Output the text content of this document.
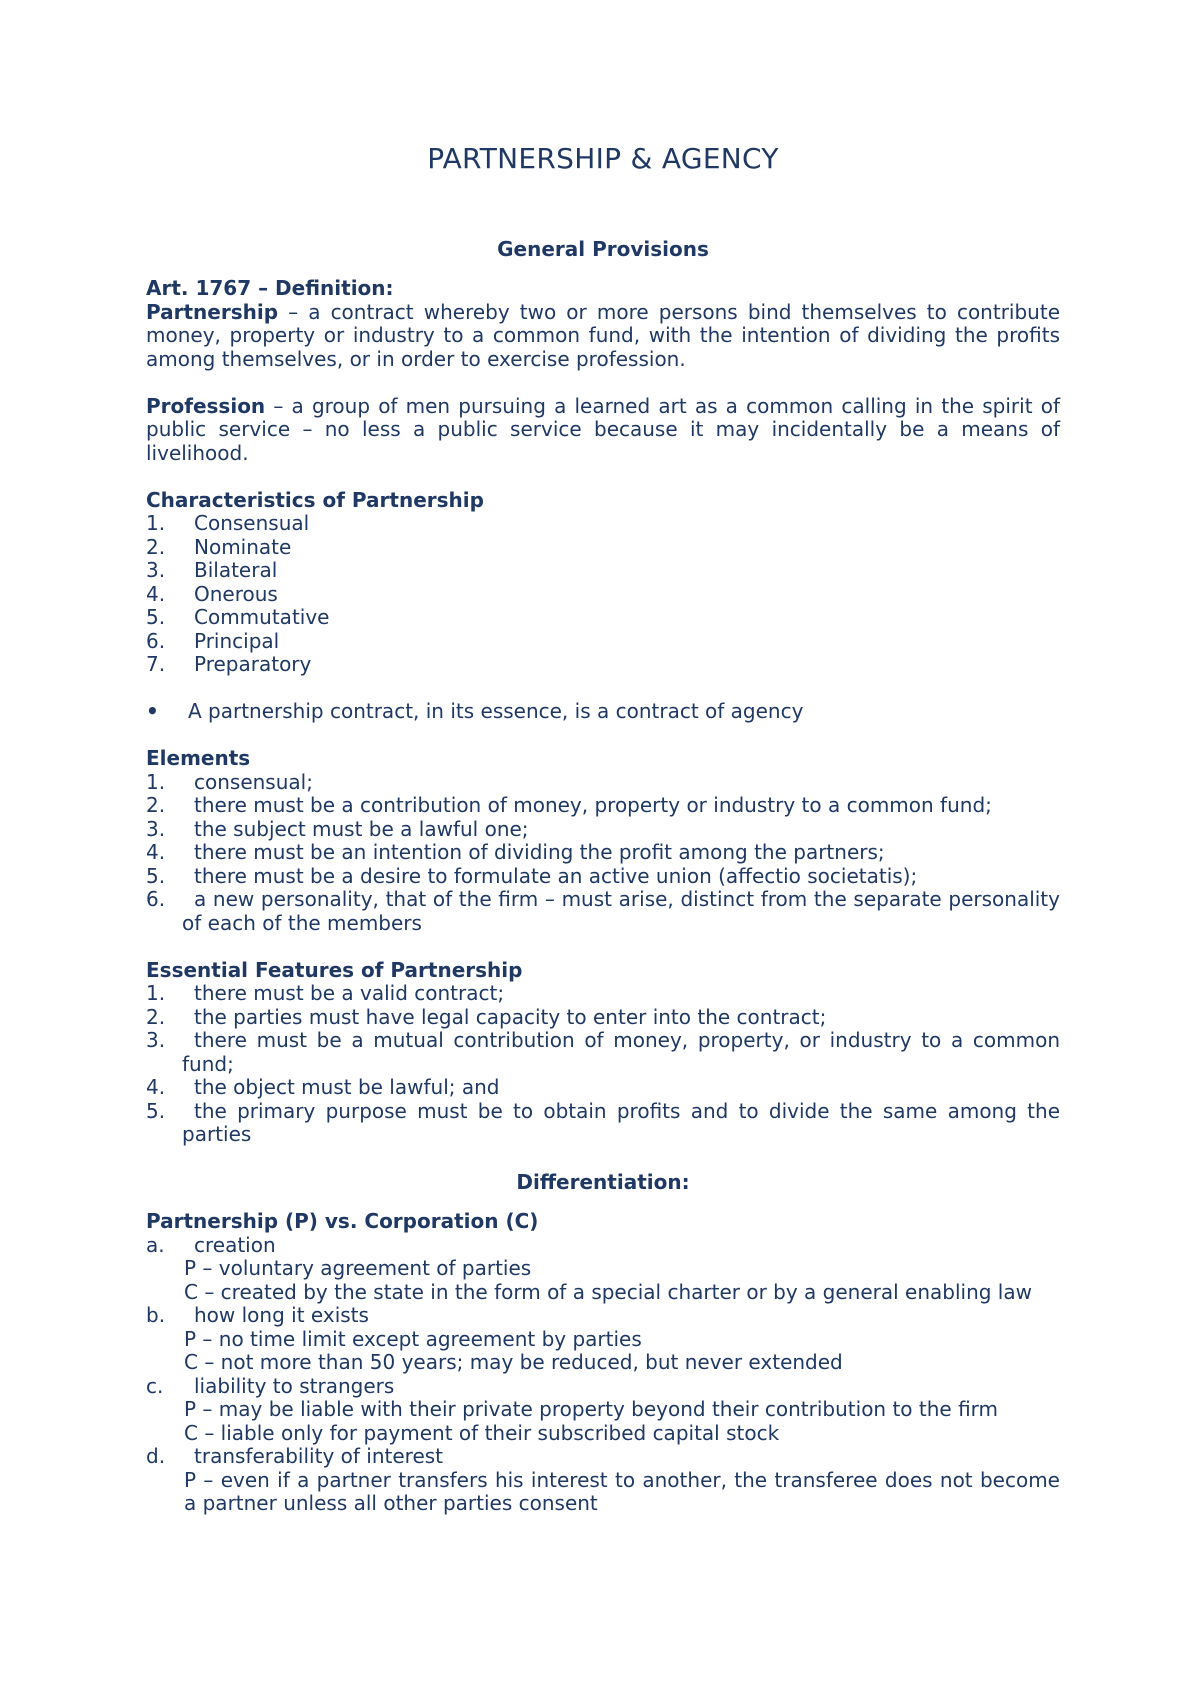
PARTNERSHIP & AGENCY
General Provisions
Art. 1767 – Definition:

Partnership – a contract whereby two or more persons bind themselves to contribute money, property or industry to a common fund, with the intention of dividing the profits among themselves, or in order to exercise profession.

Profession – a group of men pursuing a learned art as a common calling in the spirit of public service – no less a public service because it may incidentally be a means of livelihood.

Characteristics of Partnership
1. Consensual
2. Nominate
3. Bilateral
4. Onerous
5. Commutative
6. Principal
7. Preparatory
• A partnership contract, in its essence, is a contract of agency
Elements
1. consensual;
2. there must be a contribution of money, property or industry to a common fund;
3. the subject must be a lawful one;
4. there must be an intention of dividing the profit among the partners;
5. there must be a desire to formulate an active union (affectio societatis);
6. a new personality, that of the firm – must arise, distinct from the separate personality of each of the members
Essential Features of Partnership
1. there must be a valid contract;
2. the parties must have legal capacity to enter into the contract;
3. there must be a mutual contribution of money, property, or industry to a common fund;
4. the object must be lawful; and
5. the primary purpose must be to obtain profits and to divide the same among the parties
Differentiation:
Partnership (P) vs. Corporation (C)
a. creation
P – voluntary agreement of parties
C – created by the state in the form of a special charter or by a general enabling law
b. how long it exists
P – no time limit except agreement by parties
C – not more than 50 years; may be reduced, but never extended
c. liability to strangers
P – may be liable with their private property beyond their contribution to the firm
C – liable only for payment of their subscribed capital stock
d. transferability of interest
P – even if a partner transfers his interest to another, the transferee does not become a partner unless all other parties consent
